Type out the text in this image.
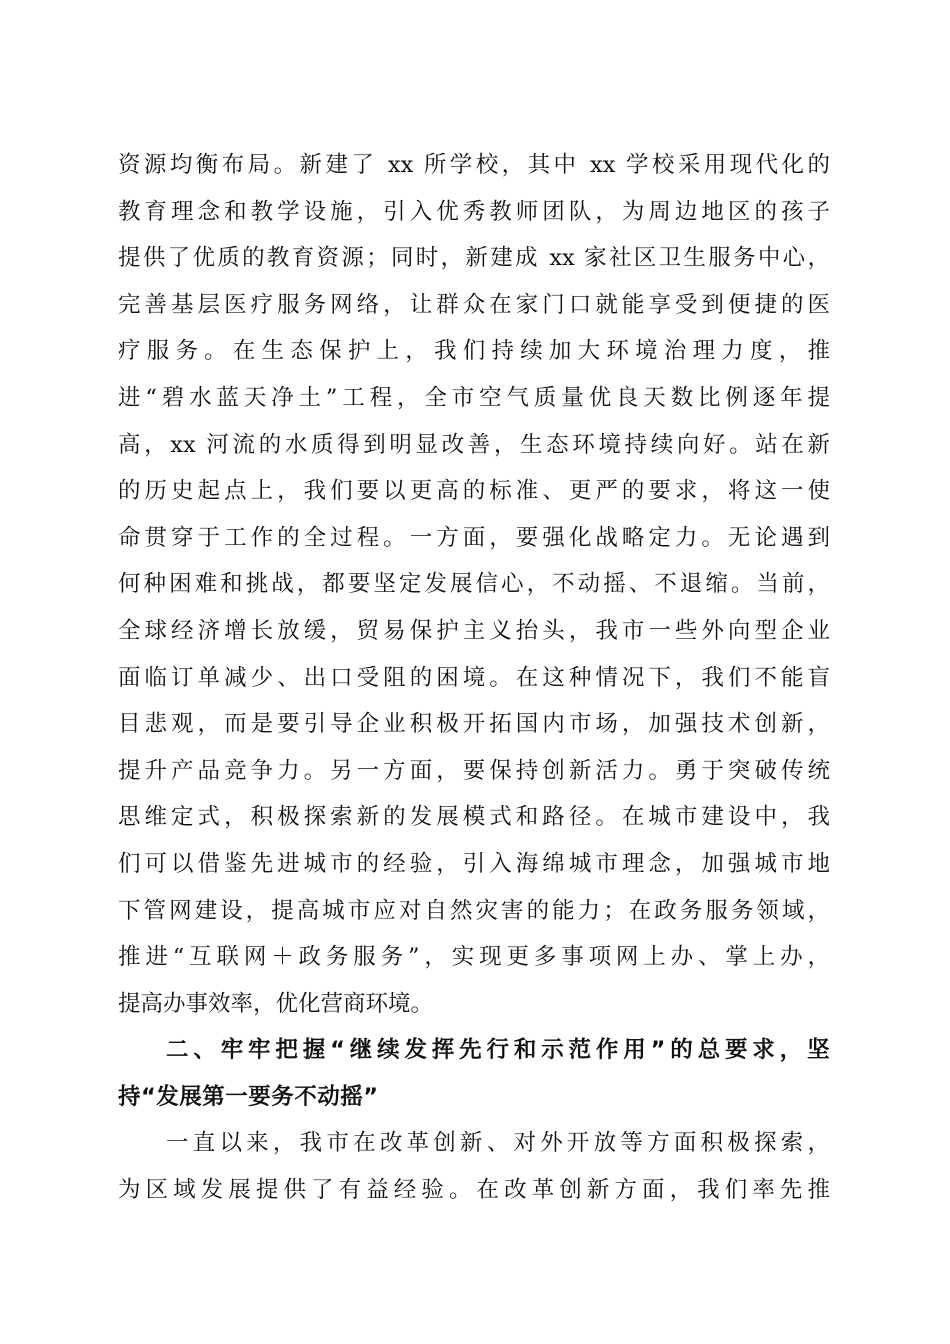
资源均衡布局。新建了 xx 所学校，其中 xx 学校采用现代化的
教育理念和教学设施，引入优秀教师团队，为周边地区的孩子
提供了优质的教育资源；同时，新建成 xx 家社区卫生服务中心，
完善基层医疗服务网络，让群众在家门口就能享受到便捷的医
疗服务。在生态保护上，我们持续加大环境治理力度，推
进“碧水蓝天净土”工程，全市空气质量优良天数比例逐年提
高，xx 河流的水质得到明显改善，生态环境持续向好。站在新
的历史起点上，我们要以更高的标准、更严的要求，将这一使
命贯穿于工作的全过程。一方面，要强化战略定力。无论遇到
何种困难和挑战，都要坚定发展信心，不动摇、不退缩。当前，
全球经济增长放缓，贸易保护主义抬头，我市一些外向型企业
面临订单减少、出口受阻的困境。在这种情况下，我们不能盲
目悲观，而是要引导企业积极开拓国内市场，加强技术创新，
提升产品竞争力。另一方面，要保持创新活力。勇于突破传统
思维定式，积极探索新的发展模式和路径。在城市建设中，我
们可以借鉴先进城市的经验，引入海绵城市理念，加强城市地
下管网建设，提高城市应对自然灾害的能力；在政务服务领域，
推进“互联网＋政务服务”，实现更多事项网上办、掌上办，
提高办事效率，优化营商环境。
二、牢牢把握“继续发挥先行和示范作用”的总要求，坚
持“发展第一要务不动摇”
一直以来，我市在改革创新、对外开放等方面积极探索，
为区域发展提供了有益经验。在改革创新方面，我们率先推
